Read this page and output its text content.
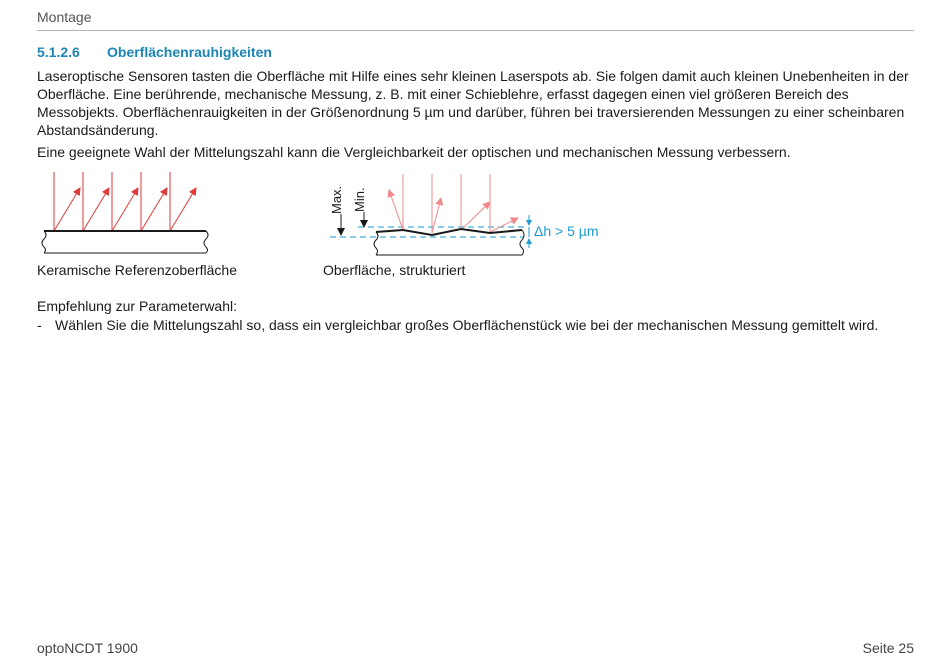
Montage
5.1.2.6 Oberflächenrauhigkeiten
Laseroptische Sensoren tasten die Oberfläche mit Hilfe eines sehr kleinen Laserspots ab. Sie folgen damit auch kleinen Unebenheiten in der Oberfläche. Eine berührende, mechanische Messung, z. B. mit einer Schieblehre, erfasst dagegen einen viel größeren Bereich des Messobjekts. Oberflächenrauigkeiten in der Größenordnung 5 µm und darüber, führen bei traversierenden Messungen zu einer scheinbaren Abstandsänderung.
Eine geeignete Wahl der Mittelungszahl kann die Vergleichbarkeit der optischen und mechanischen Messung verbessern.
Max. Min.
Δh > 5 µm
Keramische Referenzoberfläche	Oberfläche, strukturiert
Empfehlung zur Parameterwahl:
- Wählen Sie die Mittelungszahl so, dass ein vergleichbar großes Oberflächenstück wie bei der mechanischen Messung gemittelt wird.
optoNCDT 1900	Seite 25
